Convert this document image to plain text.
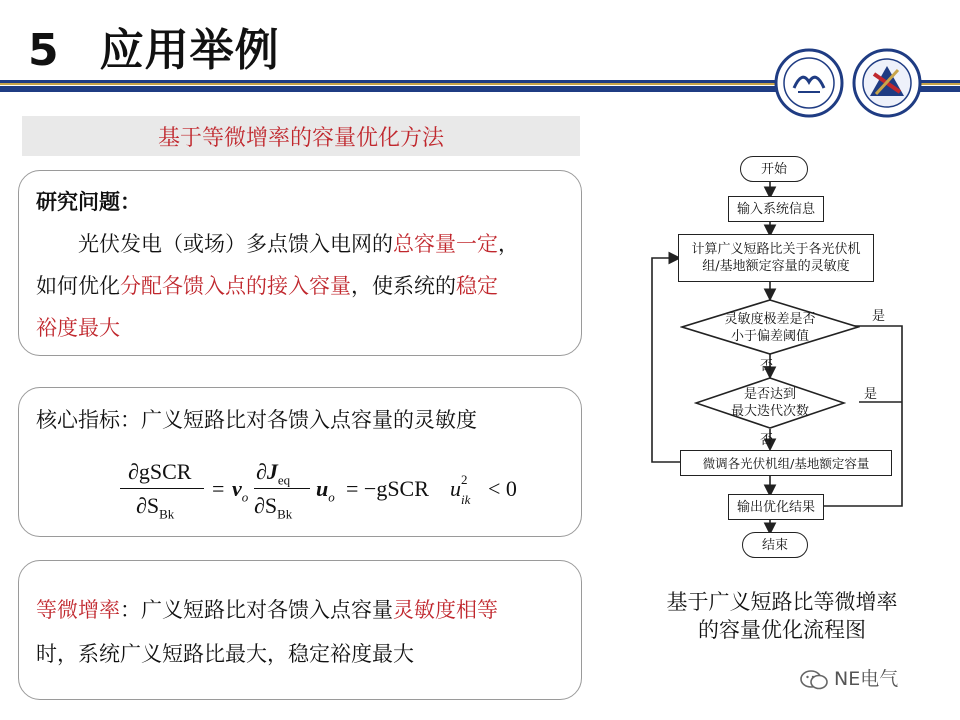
5 应用举例
基于等微增率的容量优化方法
研究问题：
光伏发电（或场）多点馈入电网的总容量一定，
如何优化分配各馈入点的接入容量，使系统的稳定
裕度最大
核心指标：广义短路比对各馈入点容量的灵敏度
∂gSCR
$\partial S_{Bk}$
= $v_o$
$\partial J_{eq}$
$\partial S_{Bk}$
$u_o$ = −gSCR u 2
ik < 0
等微增率：广义短路比对各馈入点容量灵敏度相等
时，系统广义短路比最大，稳定裕度最大
开始
输入系统信息
计算广义短路比关于各光伏机
组/基地额定容量的灵敏度
灵敏度极差是否
小于偏差阈值
是否达到
最大迭代次数
是
否
是
否
微调各光伏机组/基地额定容量
输出优化结果
结束
基于广义短路比等微增率
的容量优化流程图
NE电气
